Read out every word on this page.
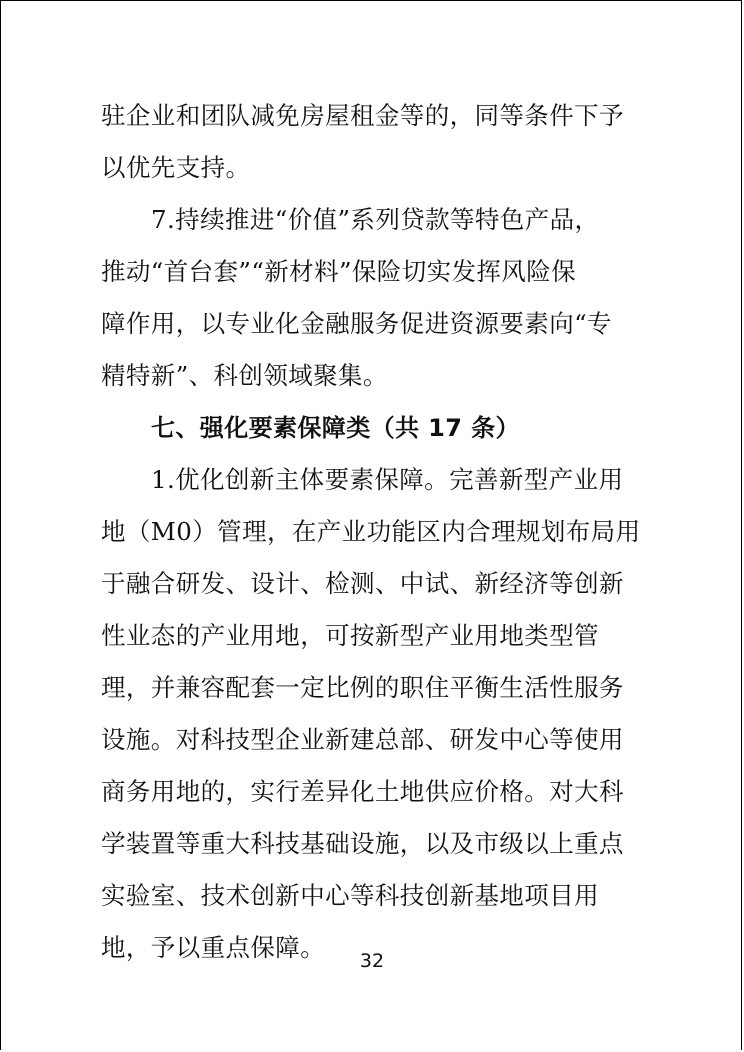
驻企业和团队减免房屋租金等的，同等条件下予
以优先支持。
7.持续推进“价值”系列贷款等特色产品，
推动“首台套”“新材料”保险切实发挥风险保
障作用，以专业化金融服务促进资源要素向“专
精特新”、科创领域聚集。
七、强化要素保障类（共 17 条）
1.优化创新主体要素保障。完善新型产业用
地（M0）管理，在产业功能区内合理规划布局用
于融合研发、设计、检测、中试、新经济等创新
性业态的产业用地，可按新型产业用地类型管
理，并兼容配套一定比例的职住平衡生活性服务
设施。对科技型企业新建总部、研发中心等使用
商务用地的，实行差异化土地供应价格。对大科
学装置等重大科技基础设施，以及市级以上重点
实验室、技术创新中心等科技创新基地项目用
地，予以重点保障。	32
